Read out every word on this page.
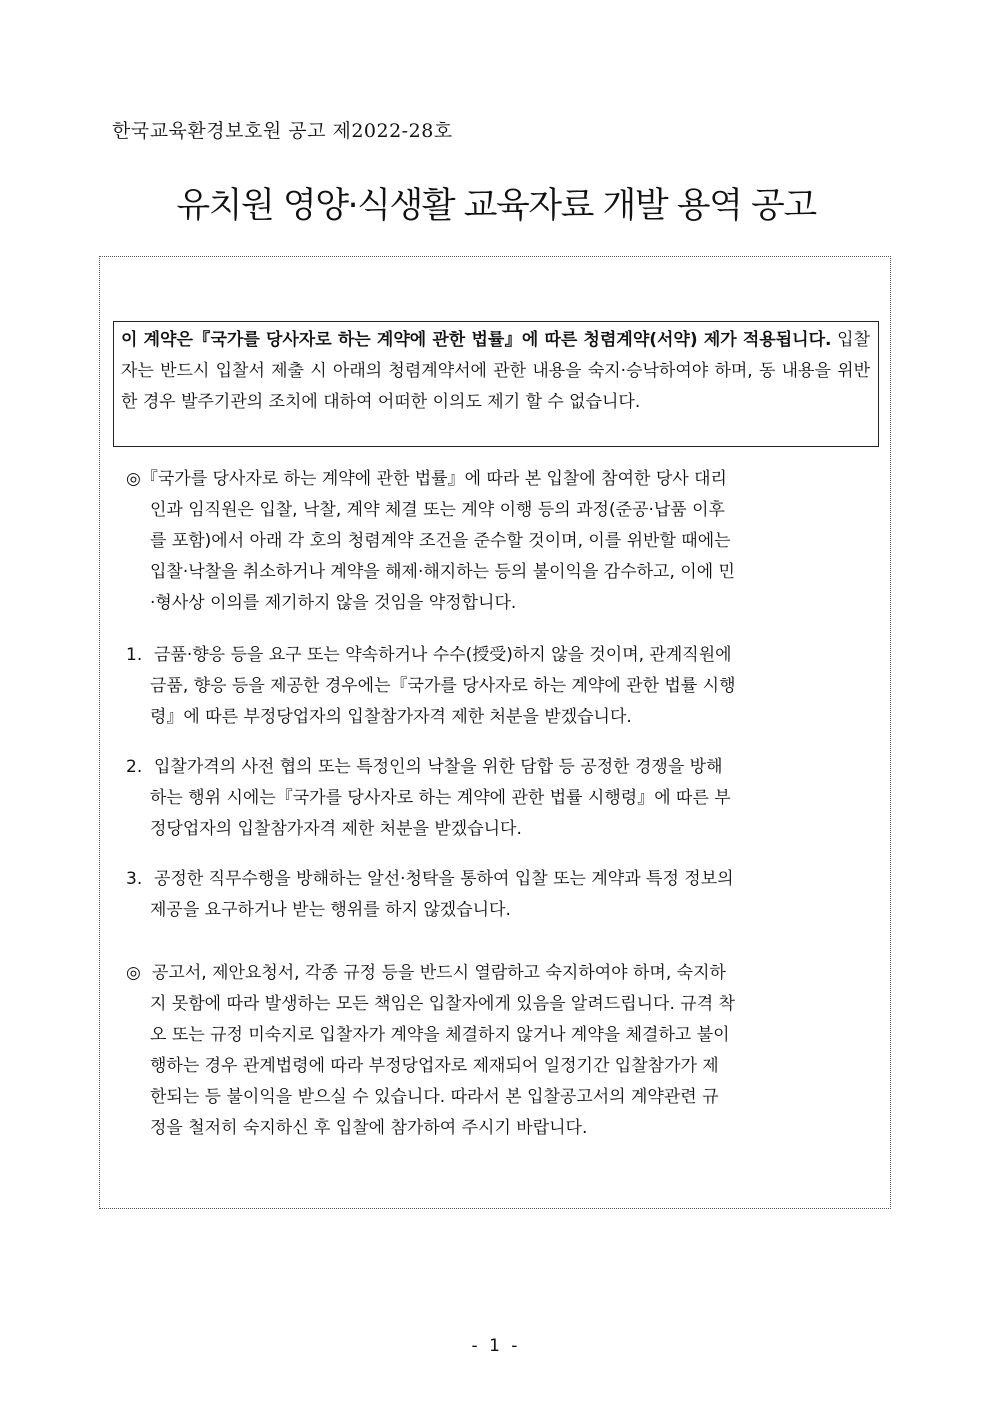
한국교육환경보호원 공고 제2022-28호
유치원 영양·식생활 교육자료 개발 용역 공고
이 계약은『국가를 당사자로 하는 계약에 관한 법률』에 따른 청렴계약(서약) 제가 적용됩니다. 입찰자는 반드시 입찰서 제출 시 아래의 청렴계약서에 관한 내용을 숙지·승낙하여야 하며, 동 내용을 위반한 경우 발주기관의 조치에 대하여 어떠한 이의도 제기 할 수 없습니다.
◎『국가를 당사자로 하는 계약에 관한 법률』에 따라 본 입찰에 참여한 당사 대리
인과 임직원은 입찰, 낙찰, 계약 체결 또는 계약 이행 등의 과정(준공·납품 이후
를 포함)에서 아래 각 호의 청렴계약 조건을 준수할 것이며, 이를 위반할 때에는
입찰·낙찰을 취소하거나 계약을 해제·해지하는 등의 불이익을 감수하고, 이에 민
·형사상 이의를 제기하지 않을 것임을 약정합니다.
1. 금품·향응 등을 요구 또는 약속하거나 수수(授受)하지 않을 것이며, 관계직원에
금품, 향응 등을 제공한 경우에는『국가를 당사자로 하는 계약에 관한 법률 시행
령』에 따른 부정당업자의 입찰참가자격 제한 처분을 받겠습니다.
2. 입찰가격의 사전 협의 또는 특정인의 낙찰을 위한 담합 등 공정한 경쟁을 방해
하는 행위 시에는『국가를 당사자로 하는 계약에 관한 법률 시행령』에 따른 부
정당업자의 입찰참가자격 제한 처분을 받겠습니다.
3. 공정한 직무수행을 방해하는 알선·청탁을 통하여 입찰 또는 계약과 특정 정보의
제공을 요구하거나 받는 행위를 하지 않겠습니다.
◎ 공고서, 제안요청서, 각종 규정 등을 반드시 열람하고 숙지하여야 하며, 숙지하
지 못함에 따라 발생하는 모든 책임은 입찰자에게 있음을 알려드립니다. 규격 착
오 또는 규정 미숙지로 입찰자가 계약을 체결하지 않거나 계약을 체결하고 불이
행하는 경우 관계법령에 따라 부정당업자로 제재되어 일정기간 입찰참가가 제
한되는 등 불이익을 받으실 수 있습니다. 따라서 본 입찰공고서의 계약관련 규
정을 철저히 숙지하신 후 입찰에 참가하여 주시기 바랍니다.
- 1 -
